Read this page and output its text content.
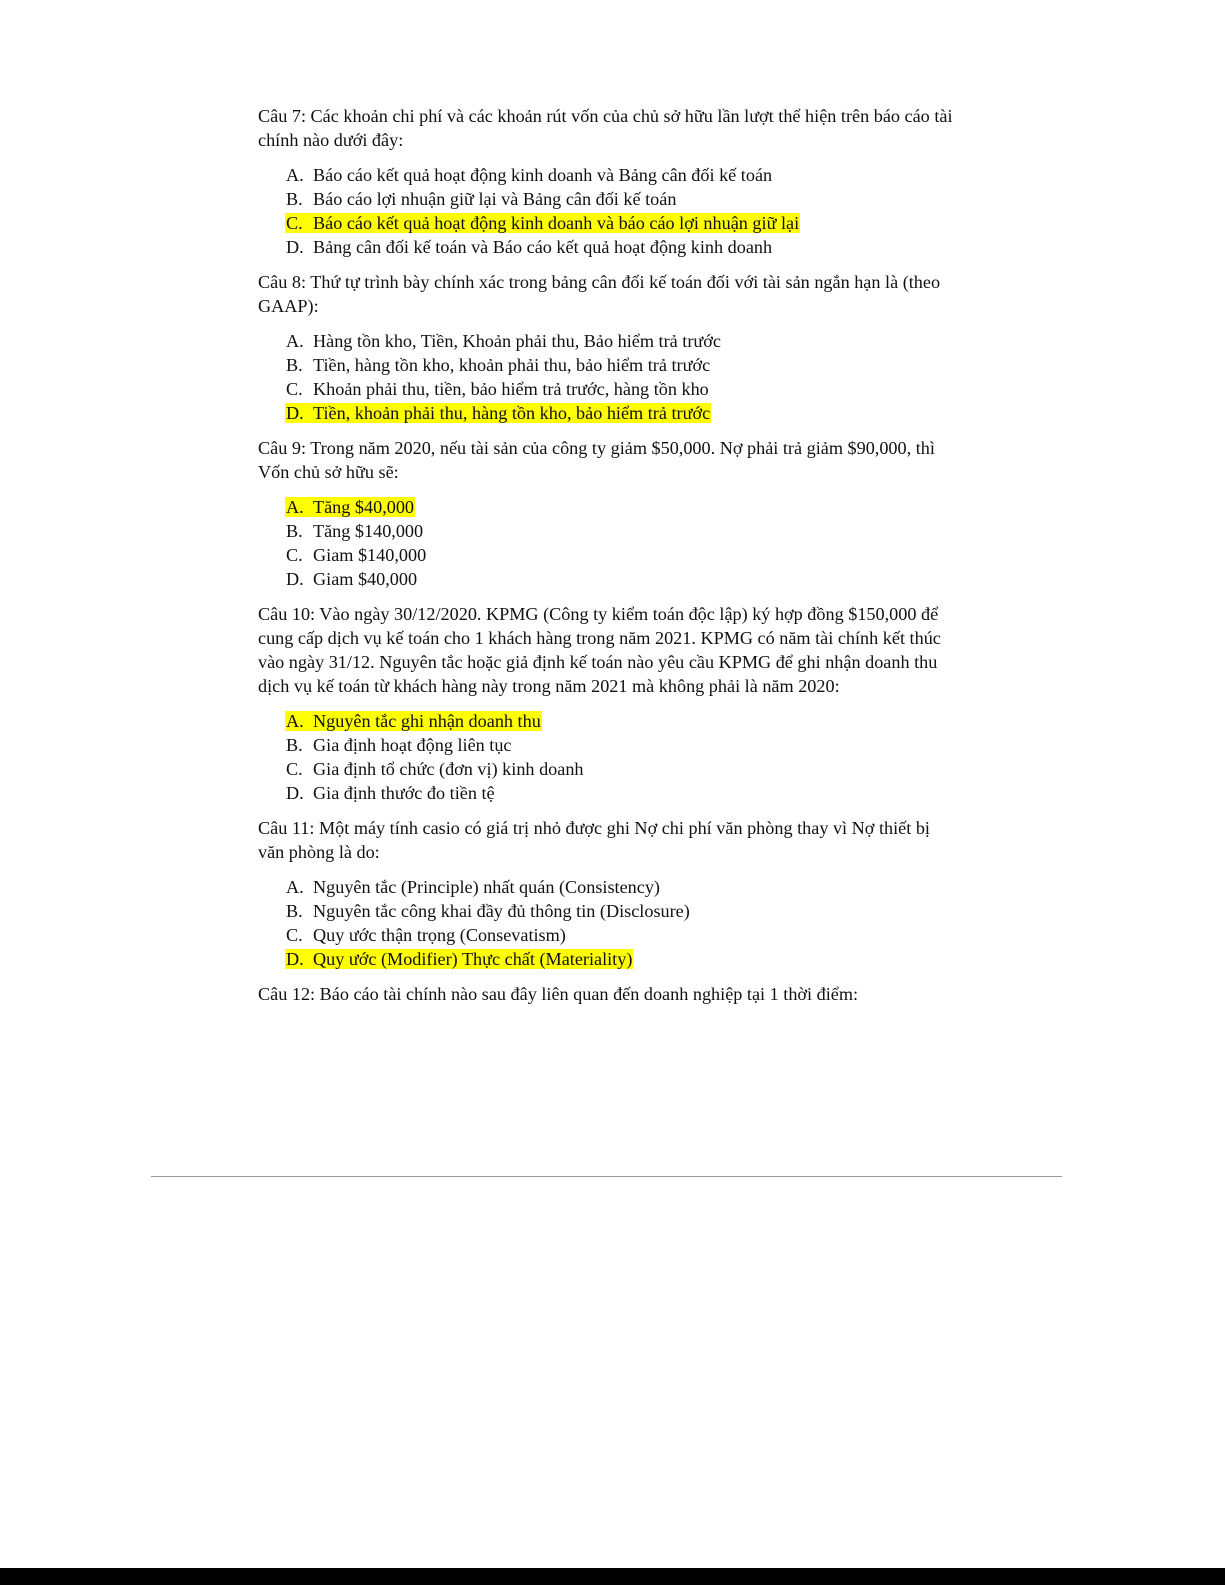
Câu 7: Các khoản chi phí và các khoản rút vốn của chủ sở hữu lần lượt thể hiện trên báo cáo tài chính nào dưới đây:

A. Báo cáo kết quả hoạt động kinh doanh và Bảng cân đối kế toán
B. Báo cáo lợi nhuận giữ lại và Bảng cân đối kế toán
C. Báo cáo kết quả hoạt động kinh doanh và báo cáo lợi nhuận giữ lại
D. Bảng cân đối kế toán và Báo cáo kết quả hoạt động kinh doanh

Câu 8: Thứ tự trình bày chính xác trong bảng cân đối kế toán đối với tài sản ngắn hạn là (theo GAAP):

A. Hàng tồn kho, Tiền, Khoản phải thu, Bảo hiểm trả trước
B. Tiền, hàng tồn kho, khoản phải thu, bảo hiểm trả trước
C. Khoản phải thu, tiền, bảo hiểm trả trước, hàng tồn kho
D. Tiền, khoản phải thu, hàng tồn kho, bảo hiểm trả trước

Câu 9: Trong năm 2020, nếu tài sản của công ty giảm $50,000. Nợ phải trả giảm $90,000, thì Vốn chủ sở hữu sẽ:

A. Tăng $40,000
B. Tăng $140,000
C. Giam $140,000
D. Giam $40,000

Câu 10: Vào ngày 30/12/2020. KPMG (Công ty kiểm toán độc lập) ký hợp đồng $150,000 để cung cấp dịch vụ kế toán cho 1 khách hàng trong năm 2021. KPMG có năm tài chính kết thúc vào ngày 31/12. Nguyên tắc hoặc giả định kế toán nào yêu cầu KPMG để ghi nhận doanh thu dịch vụ kế toán từ khách hàng này trong năm 2021 mà không phải là năm 2020:

A. Nguyên tắc ghi nhận doanh thu
B. Gia định hoạt động liên tục
C. Gia định tổ chức (đơn vị) kinh doanh
D. Gia định thước đo tiền tệ

Câu 11: Một máy tính casio có giá trị nhỏ được ghi Nợ chi phí văn phòng thay vì Nợ thiết bị văn phòng là do:

A. Nguyên tắc (Principle) nhất quán (Consistency)
B. Nguyên tắc công khai đầy đủ thông tin (Disclosure)
C. Quy ước thận trọng (Consevatism)
D. Quy ước (Modifier) Thực chất (Materiality)

Câu 12: Báo cáo tài chính nào sau đây liên quan đến doanh nghiệp tại 1 thời điểm:
